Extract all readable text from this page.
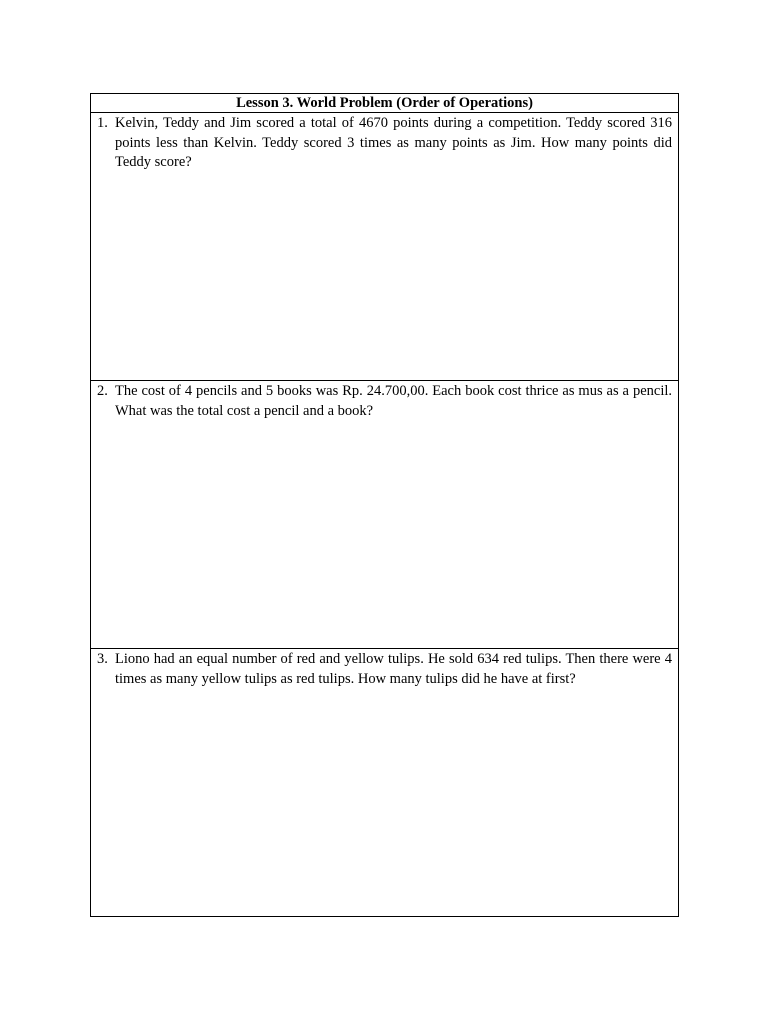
Lesson 3. World Problem (Order of Operations)
1. Kelvin, Teddy and Jim scored a total of 4670 points during a competition. Teddy scored 316 points less than Kelvin. Teddy scored 3 times as many points as Jim. How many points did Teddy score?
2. The cost of 4 pencils and 5 books was Rp. 24.700,00. Each book cost thrice as mus as a pencil. What was the total cost a pencil and a book?
3. Liono had an equal number of red and yellow tulips. He sold 634 red tulips. Then there were 4 times as many yellow tulips as red tulips. How many tulips did he have at first?
